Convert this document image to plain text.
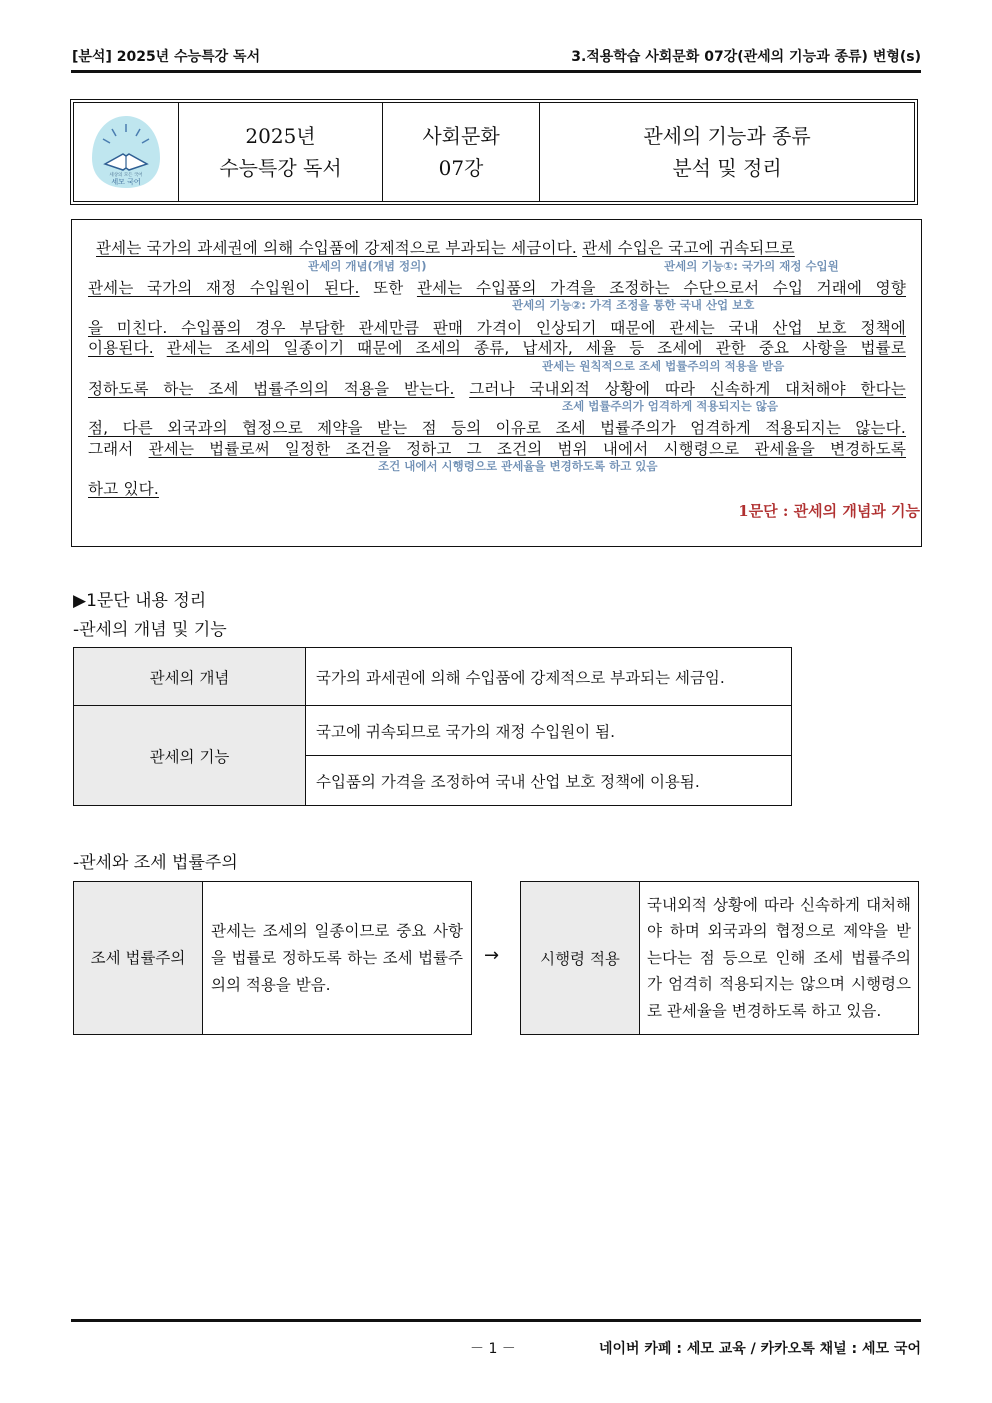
[분석] 2025년 수능특강 독서	3.적용학습 사회문화 07강(관세의 기능과 종류) 변형(s)
세상의 모든 국어
세모 국어
2025년
수능특강 독서
사회문화
07강
관세의 기능과 종류
분석 및 정리
관세는 국가의 과세권에 의해 수입품에 강제적으로 부과되는 세금이다. 관세 수입은 국고에 귀속되므로
관세는 국가의 재정 수입원이 된다. 또한 관세는 수입품의 가격을 조정하는 수단으로서 수입 거래에 영향
을 미친다. 수입품의 경우 부담한 관세만큼 판매 가격이 인상되기 때문에 관세는 국내 산업 보호 정책에
이용된다. 관세는 조세의 일종이기 때문에 조세의 종류, 납세자, 세율 등 조세에 관한 중요 사항을 법률로
정하도록 하는 조세 법률주의의 적용을 받는다. 그러나 국내외적 상황에 따라 신속하게 대처해야 한다는
점, 다른 외국과의 협정으로 제약을 받는 점 등의 이유로 조세 법률주의가 엄격하게 적용되지는 않는다.
그래서 관세는 법률로써 일정한 조건을 정하고 그 조건의 범위 내에서 시행령으로 관세율을 변경하도록
하고 있다.
관세의 개념(개념 정의)	관세의 기능①: 국가의 재정 수입원
관세의 기능②: 가격 조정을 통한 국내 산업 보호
관세는 원칙적으로 조세 법률주의의 적용을 받음
조세 법률주의가 엄격하게 적용되지는 않음
조건 내에서 시행령으로 관세율을 변경하도록 하고 있음
1문단 : 관세의 개념과 기능
▶1문단 내용 정리
-관세의 개념 및 기능
관세의 개념	국가의 과세권에 의해 수입품에 강제적으로 부과되는 세금임.
관세의 기능	국고에 귀속되므로 국가의 재정 수입원이 됨.
	수입품의 가격을 조정하여 국내 산업 보호 정책에 이용됨.
-관세와 조세 법률주의
조세 법률주의	관세는 조세의 일종이므로 중요 사항을 법률로 정하도록 하는 조세 법률주의의 적용을 받음.
→	시행령 적용	국내외적 상황에 따라 신속하게 대처해야 하며 외국과의 협정으로 제약을 받는다는 점 등으로 인해 조세 법률주의가 엄격히 적용되지는 않으며 시행령으로 관세율을 변경하도록 하고 있음.
－ 1 －	네이버 카페 : 세모 교육 / 카카오톡 채널 : 세모 국어
